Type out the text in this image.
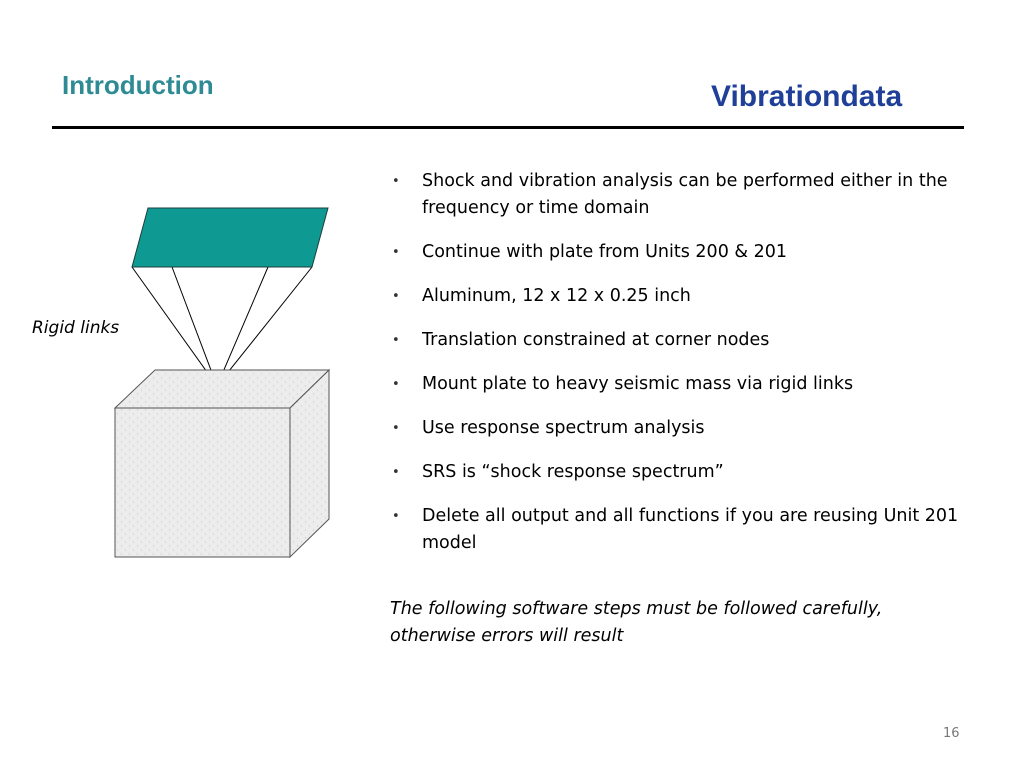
Introduction	Vibrationdata
Rigid links
• Shock and vibration analysis can be performed either in the frequency or time domain
• Continue with plate from Units 200 & 201
• Aluminum, 12 x 12 x 0.25 inch
• Translation constrained at corner nodes
• Mount plate to heavy seismic mass via rigid links
• Use response spectrum analysis
• SRS is “shock response spectrum”
• Delete all output and all functions if you are reusing Unit 201 model
The following software steps must be followed carefully, otherwise errors will result
16
